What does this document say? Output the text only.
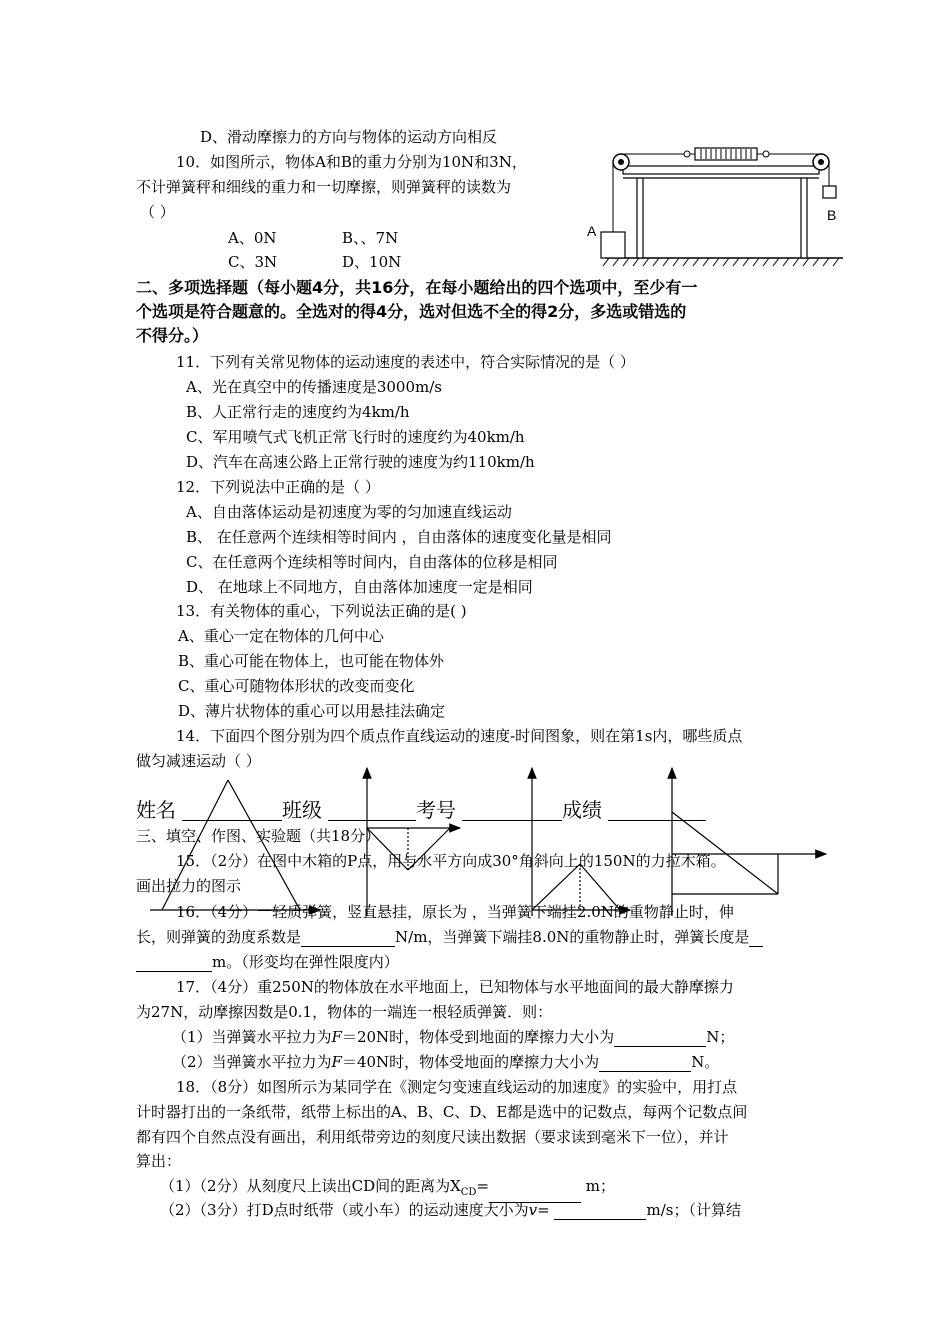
D、滑动摩擦力的方向与物体的运动方向相反
10．如图所示，物体A和B的重力分别为10N和3N，
不计弹簧秤和细线的重力和一切摩擦，则弹簧秤的读数为
（ ）
A、0N	B、、7N
C、3N	D、10N
A
B
二、多项选择题（每小题4分，共16分，在每小题给出的四个选项中，至少有一
个选项是符合题意的。全选对的得4分，选对但选不全的得2分，多选或错选的
不得分。）
11．下列有关常见物体的运动速度的表述中，符合实际情况的是（ ）
A、光在真空中的传播速度是3000m/s
B、人正常行走的速度约为4km/h
C、军用喷气式飞机正常飞行时的速度约为40km/h
D、汽车在高速公路上正常行驶的速度为约110km/h
12．下列说法中正确的是（ ）
A、自由落体运动是初速度为零的匀加速直线运动
B、 在任意两个连续相等时间内 ，自由落体的速度变化量是相同
C、在任意两个连续相等时间内，自由落体的位移是相同
D、 在地球上不同地方，自由落体加速度一定是相同
13．有关物体的重心，下列说法正确的是( )
A、重心一定在物体的几何中心
B、重心可能在物体上，也可能在物体外
C、重心可随物体形状的改变而变化
D、薄片状物体的重心可以用悬挂法确定
14．下面四个图分别为四个质点作直线运动的速度-时间图象，则在第1s内，哪些质点
做匀减速运动（ ）
姓名	班级	考号	成绩
三、填空、作图、实验题（共18分）
15．（2分）在图中木箱的P点，用与水平方向成30°角斜向上的150N的力拉木箱。
画出拉力的图示
16．（4分）一轻质弹簧，竖直悬挂，原长为 ，当弹簧下端挂2.0N的重物静止时，伸
长，则弹簧的劲度系数是	N/m，当弹簧下端挂8.0N的重物静止时，弹簧长度是
m。（形变均在弹性限度内）
17．（4分）重250N的物体放在水平地面上，已知物体与水平地面间的最大静摩擦力
为27N，动摩擦因数是0.1，物体的一端连一根轻质弹簧．则：
（1）当弹簧水平拉力为F＝20N时，物体受到地面的摩擦力大小为	N；
（2）当弹簧水平拉力为F＝40N时，物体受地面的摩擦力大小为	N。
18．（8分）如图所示为某同学在《测定匀变速直线运动的加速度》的实验中，用打点
计时器打出的一条纸带，纸带上标出的A、B、C、D、E都是选中的记数点，每两个记数点间
都有四个自然点没有画出，利用纸带旁边的刻度尺读出数据（要求读到毫米下一位），并计
算出：
（1）（2分）从刻度尺上读出CD间的距离为$X_{CD}=$	m；
（2）（3分）打D点时纸带（或小车）的运动速度大小为v=	m/s；（计算结
